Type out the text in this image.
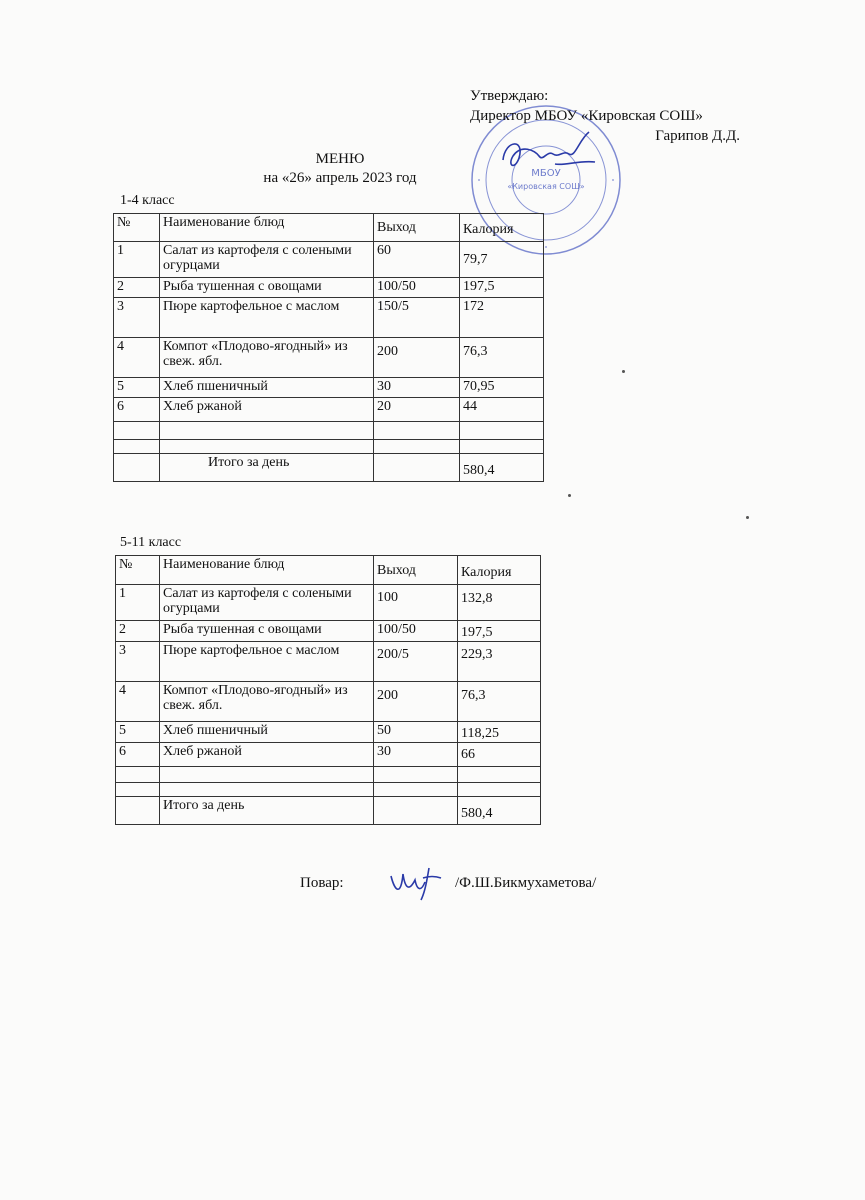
МБОУ
«Кировская СОШ»
Утверждаю:
Директор МБОУ «Кировская СОШ»
Гарипов Д.Д.
МЕНЮ
на «26» апрель 2023 год
1-4 класс
№	Наименование блюд	Выход	Калория
1	Салат из картофеля с солеными огурцами	60	79,7
2	Рыба тушенная с овощами	100/50	197,5
3	Пюре картофельное с маслом	150/5	172
4	Компот «Плодово-ягодный» из свеж. ябл.	200	76,3
5	Хлеб пшеничный	30	70,95
6	Хлеб ржаной	20	44

	Итого за день		580,4
5-11 класс
№	Наименование блюд	Выход	Калория
1	Салат из картофеля с солеными огурцами	100	132,8
2	Рыба тушенная с овощами	100/50	197,5
3	Пюре картофельное с маслом	200/5	229,3
4	Компот «Плодово-ягодный» из свеж. ябл.	200	76,3
5	Хлеб пшеничный	50	118,25
6	Хлеб ржаной	30	66

	Итого за день		580,4
Повар:	/Ф.Ш.Бикмухаметова/
